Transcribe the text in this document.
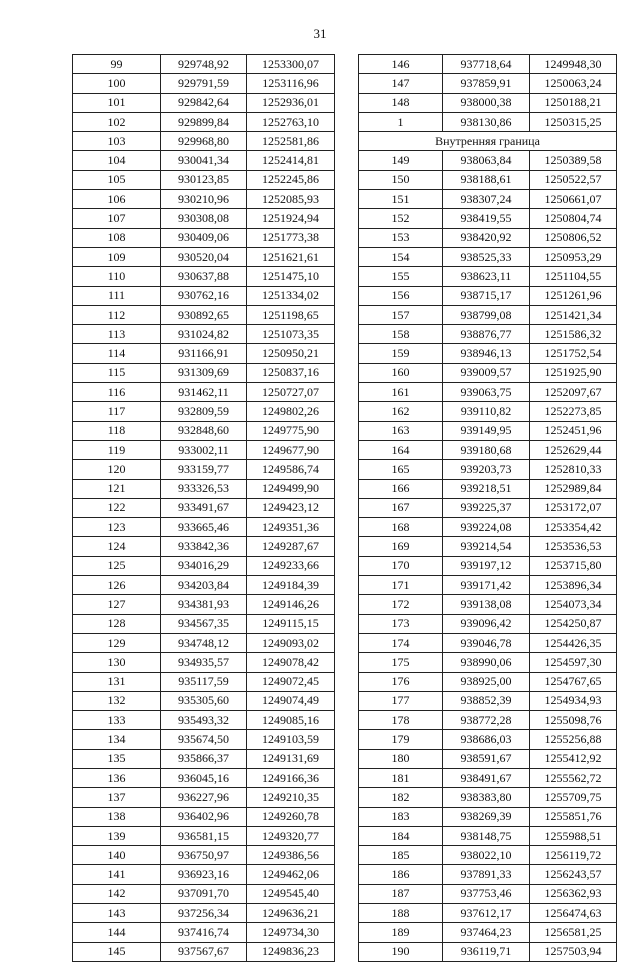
31
99	929748,92	1253300,07
100	929791,59	1253116,96
101	929842,64	1252936,01
102	929899,84	1252763,10
103	929968,80	1252581,86
104	930041,34	1252414,81
105	930123,85	1252245,86
106	930210,96	1252085,93
107	930308,08	1251924,94
108	930409,06	1251773,38
109	930520,04	1251621,61
110	930637,88	1251475,10
111	930762,16	1251334,02
112	930892,65	1251198,65
113	931024,82	1251073,35
114	931166,91	1250950,21
115	931309,69	1250837,16
116	931462,11	1250727,07
117	932809,59	1249802,26
118	932848,60	1249775,90
119	933002,11	1249677,90
120	933159,77	1249586,74
121	933326,53	1249499,90
122	933491,67	1249423,12
123	933665,46	1249351,36
124	933842,36	1249287,67
125	934016,29	1249233,66
126	934203,84	1249184,39
127	934381,93	1249146,26
128	934567,35	1249115,15
129	934748,12	1249093,02
130	934935,57	1249078,42
131	935117,59	1249072,45
132	935305,60	1249074,49
133	935493,32	1249085,16
134	935674,50	1249103,59
135	935866,37	1249131,69
136	936045,16	1249166,36
137	936227,96	1249210,35
138	936402,96	1249260,78
139	936581,15	1249320,77
140	936750,97	1249386,56
141	936923,16	1249462,06
142	937091,70	1249545,40
143	937256,34	1249636,21
144	937416,74	1249734,30
145	937567,67	1249836,23
146	937718,64	1249948,30
147	937859,91	1250063,24
148	938000,38	1250188,21
1	938130,86	1250315,25
Внутренняя граница		
149	938063,84	1250389,58
150	938188,61	1250522,57
151	938307,24	1250661,07
152	938419,55	1250804,74
153	938420,92	1250806,52
154	938525,33	1250953,29
155	938623,11	1251104,55
156	938715,17	1251261,96
157	938799,08	1251421,34
158	938876,77	1251586,32
159	938946,13	1251752,54
160	939009,57	1251925,90
161	939063,75	1252097,67
162	939110,82	1252273,85
163	939149,95	1252451,96
164	939180,68	1252629,44
165	939203,73	1252810,33
166	939218,51	1252989,84
167	939225,37	1253172,07
168	939224,08	1253354,42
169	939214,54	1253536,53
170	939197,12	1253715,80
171	939171,42	1253896,34
172	939138,08	1254073,34
173	939096,42	1254250,87
174	939046,78	1254426,35
175	938990,06	1254597,30
176	938925,00	1254767,65
177	938852,39	1254934,93
178	938772,28	1255098,76
179	938686,03	1255256,88
180	938591,67	1255412,92
181	938491,67	1255562,72
182	938383,80	1255709,75
183	938269,39	1255851,76
184	938148,75	1255988,51
185	938022,10	1256119,72
186	937891,33	1256243,57
187	937753,46	1256362,93
188	937612,17	1256474,63
189	937464,23	1256581,25
190	936119,71	1257503,94
